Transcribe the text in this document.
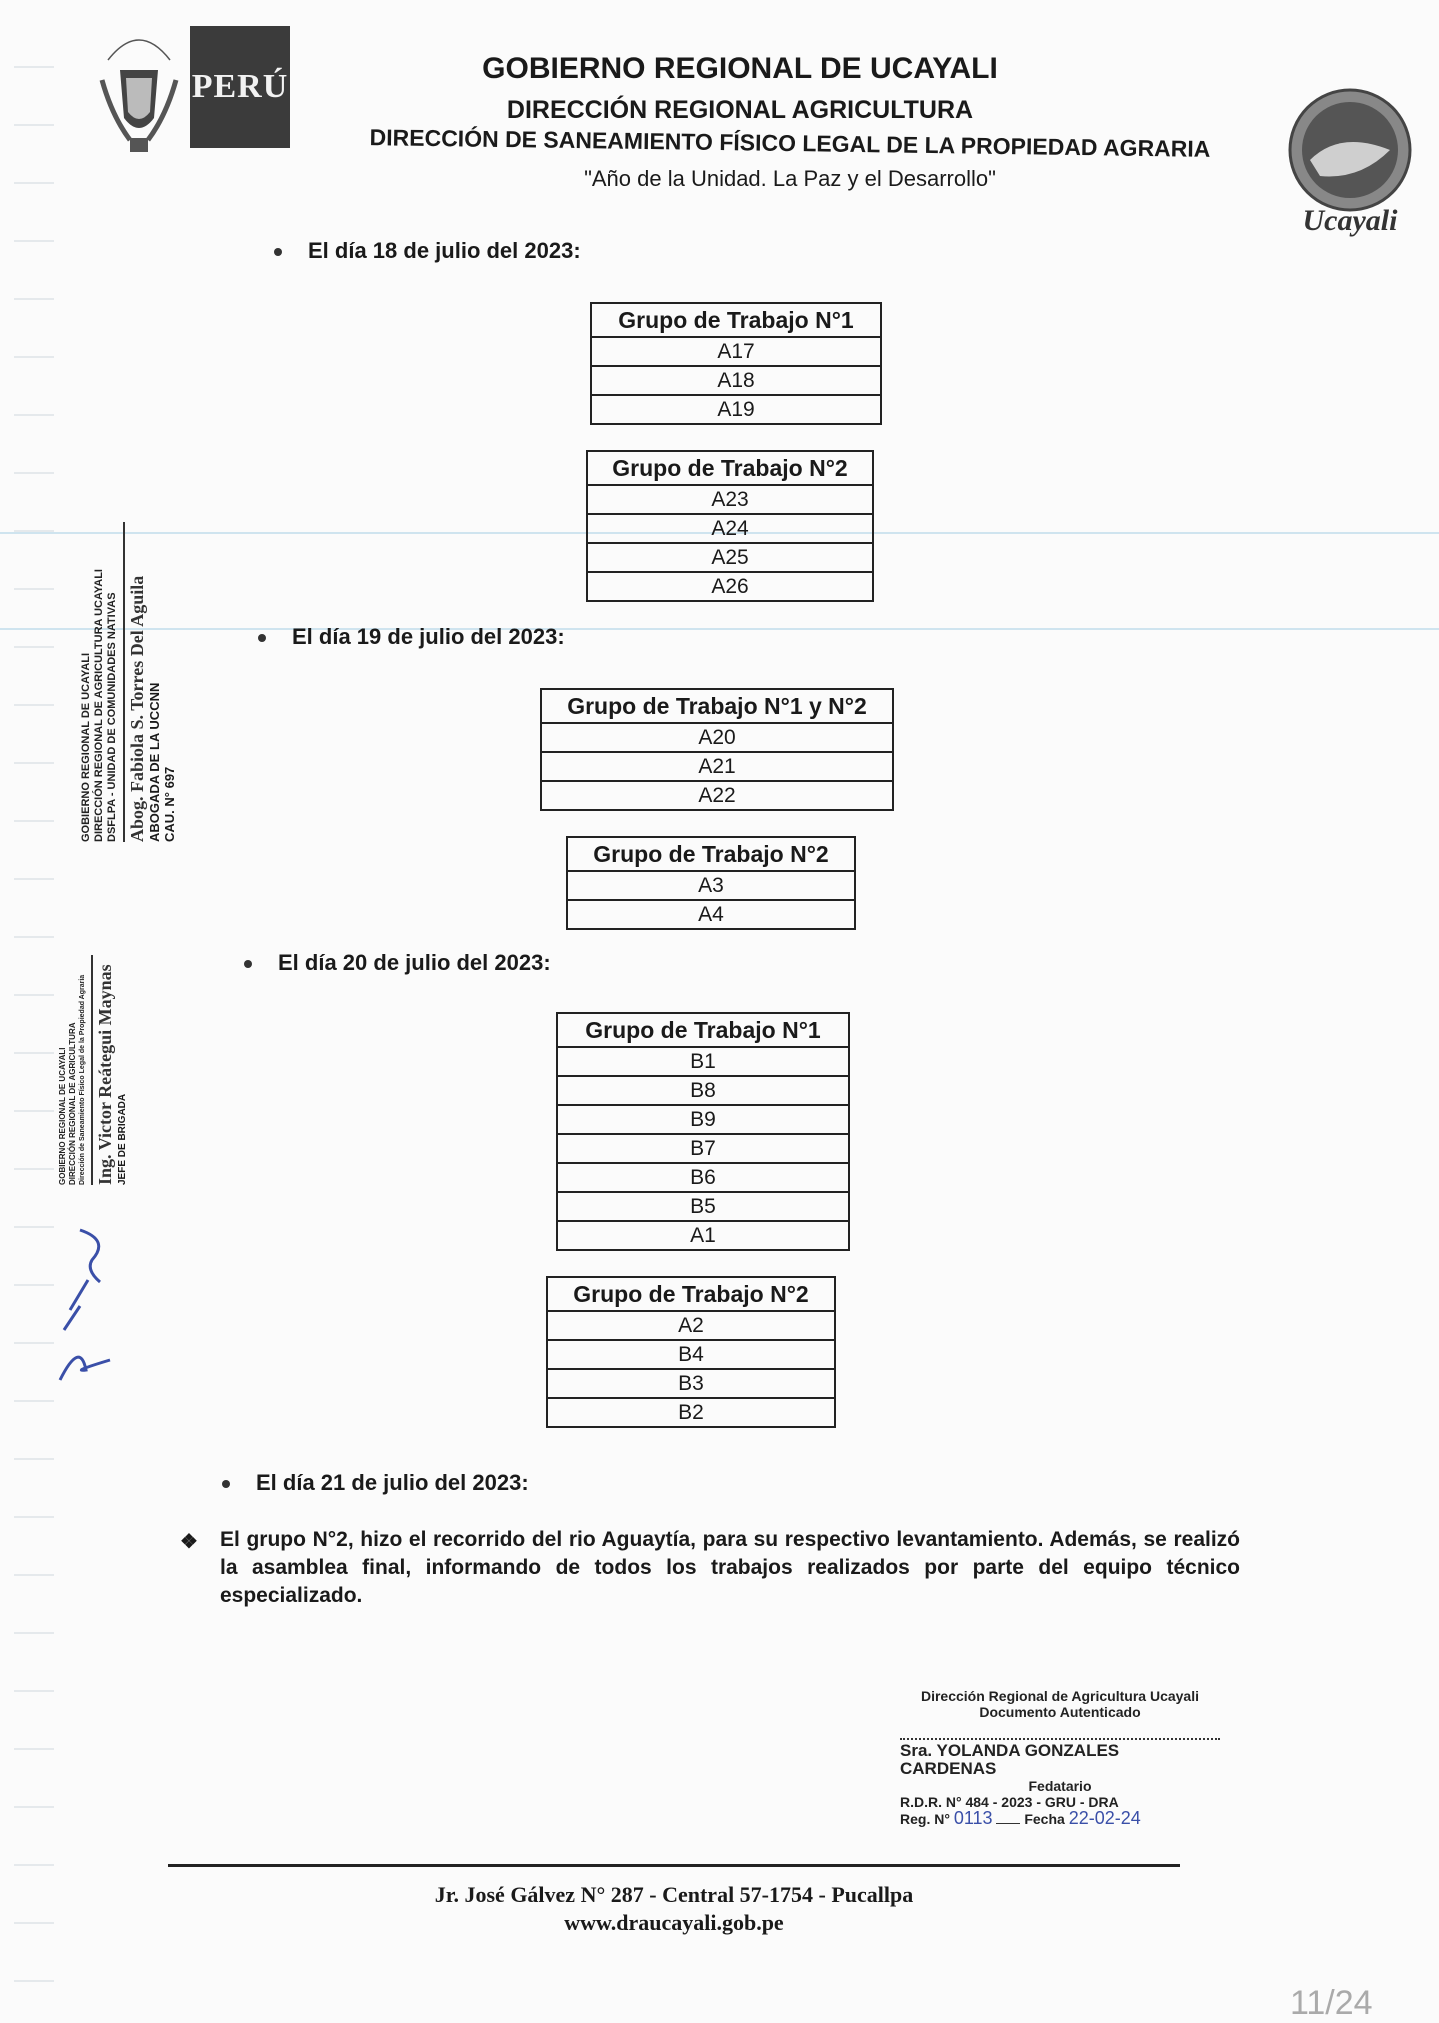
PERÚ	GOBIERNO REGIONAL DE UCAYALI
DIRECCIÓN REGIONAL AGRICULTURA
DIRECCIÓN DE SANEAMIENTO FÍSICO LEGAL DE LA PROPIEDAD AGRARIA
"Año de la Unidad. La Paz y el Desarrollo"
Ucayali
El día 18 de julio del 2023:
Grupo de Trabajo N°1
A17
A18
A19
Grupo de Trabajo N°2
A23
A24
A25
A26
El día 19 de julio del 2023:
Grupo de Trabajo N°1 y N°2
A20
A21
A22
Grupo de Trabajo N°2
A3
A4
El día 20 de julio del 2023:
Grupo de Trabajo N°1
B1
B8
B9
B7
B6
B5
A1
Grupo de Trabajo N°2
A2
B4
B3
B2
El día 21 de julio del 2023:
❖ El grupo N°2, hizo el recorrido del rio Aguaytía, para su respectivo levantamiento. Además, se realizó la asamblea final, informando de todos los trabajos realizados por parte del equipo técnico especializado.
GOBIERNO REGIONAL DE UCAYALI DIRECCIÓN REGIONAL DE AGRICULTURA UCAYALI DSFLPA - UNIDAD DE COMUNIDADES NATIVAS Abog. Fabiola S. Torres Del Aguila ABOGADA DE LA UCCNN CAU. N° 697
GOBIERNO REGIONAL DE UCAYALI DIRECCIÓN REGIONAL DE AGRICULTURA Dirección de Saneamiento Físico Legal de la Propiedad Agraria Ing. Victor Reátegui Maynas JEFE DE BRIGADA
Dirección Regional de Agricultura Ucayali
Documento Autenticado
Sra. YOLANDA GONZALES CARDENAS
Fedatario
R.D.R. N° 484 - 2023 - GRU - DRA
Reg. N° 0113 Fecha 22-02-24
Jr. José Gálvez N° 287 - Central 57-1754 - Pucallpa
www.draucayali.gob.pe
11/24
